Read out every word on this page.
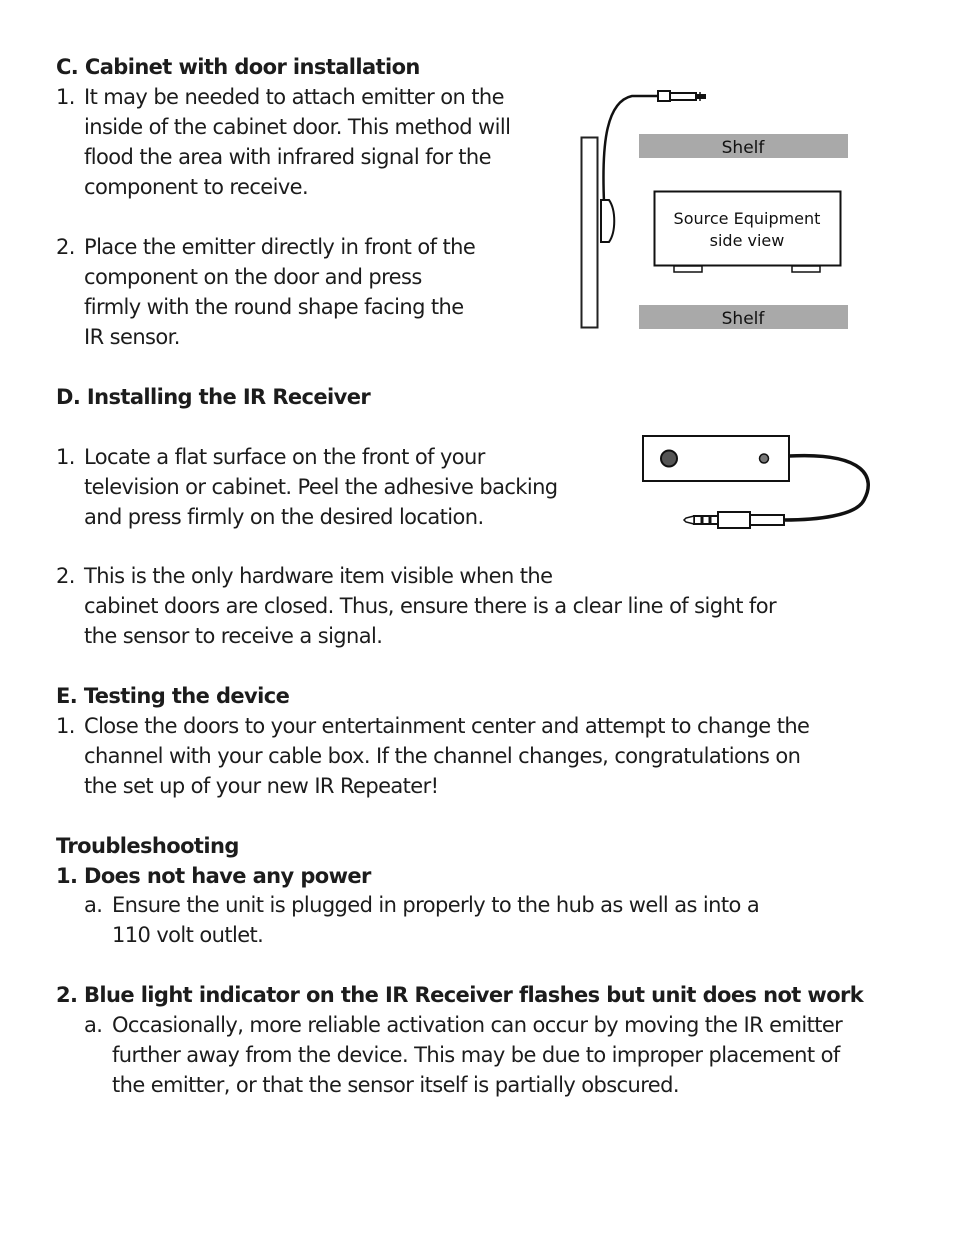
C. Cabinet with door installation
1. It may be needed to attach emitter on the
inside of the cabinet door. This method will
flood the area with infrared signal for the
component to receive.
2. Place the emitter directly in front of the
component on the door and press
firmly with the round shape facing the
IR sensor.
Shelf
Source Equipment
side view
Shelf
D. Installing the IR Receiver
1. Locate a flat surface on the front of your
television or cabinet. Peel the adhesive backing
and press firmly on the desired location.
2. This is the only hardware item visible when the
cabinet doors are closed. Thus, ensure there is a clear line of sight for
the sensor to receive a signal.
E. Testing the device
1. Close the doors to your entertainment center and attempt to change the
channel with your cable box. If the channel changes, congratulations on
the set up of your new IR Repeater!
Troubleshooting
1. Does not have any power
a. Ensure the unit is plugged in properly to the hub as well as into a
110 volt outlet.
2. Blue light indicator on the IR Receiver flashes but unit does not work
a. Occasionally, more reliable activation can occur by moving the IR emitter
further away from the device. This may be due to improper placement of
the emitter, or that the sensor itself is partially obscured.
